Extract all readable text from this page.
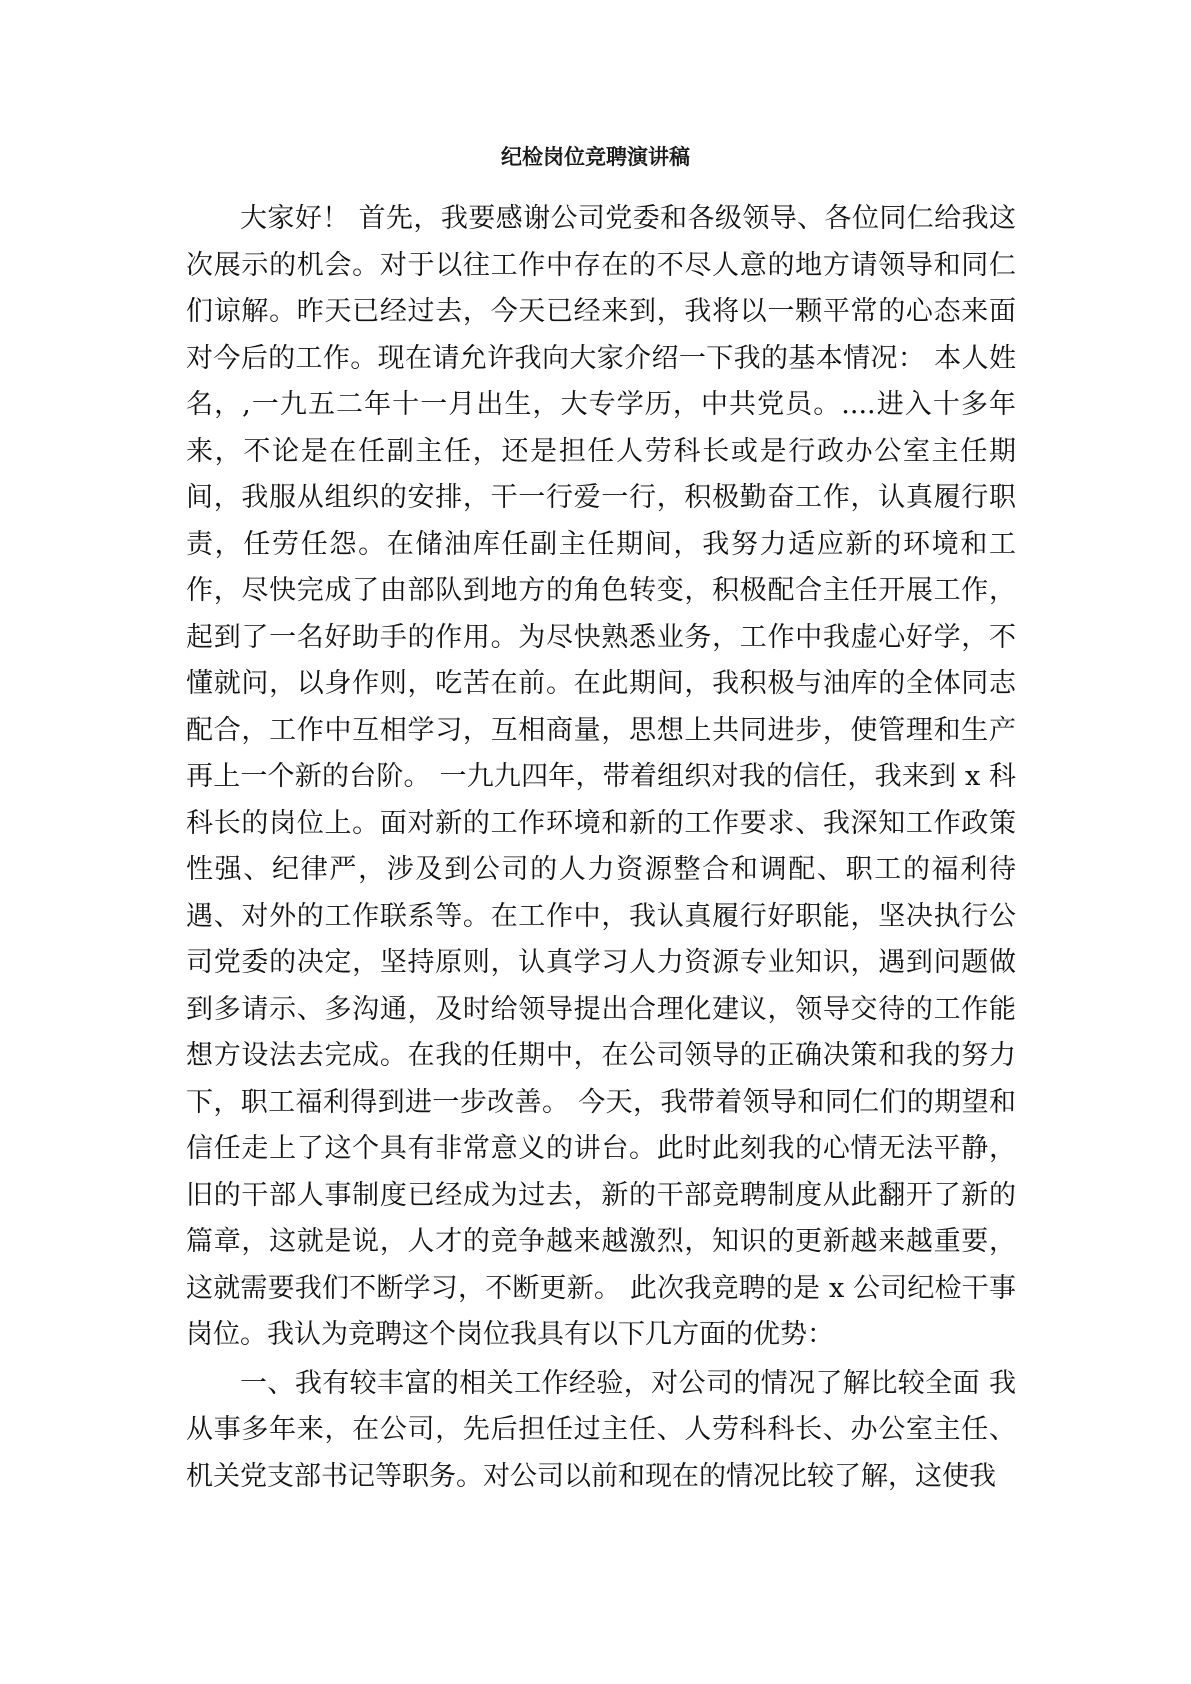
纪检岗位竞聘演讲稿

大家好！ 首先，我要感谢公司党委和各级领导、各位同仁给我这次展示的机会。对于以往工作中存在的不尽人意的地方请领导和同仁们谅解。昨天已经过去，今天已经来到，我将以一颗平常的心态来面对今后的工作。现在请允许我向大家介绍一下我的基本情况： 本人姓名，,一九五二年十一月出生，大专学历，中共党员。....进入十多年来，不论是在任副主任，还是担任人劳科长或是行政办公室主任期间，我服从组织的安排，干一行爱一行，积极勤奋工作，认真履行职责，任劳任怨。在储油库任副主任期间，我努力适应新的环境和工作，尽快完成了由部队到地方的角色转变，积极配合主任开展工作，起到了一名好助手的作用。为尽快熟悉业务，工作中我虚心好学，不懂就问，以身作则，吃苦在前。在此期间，我积极与油库的全体同志配合，工作中互相学习，互相商量，思想上共同进步，使管理和生产再上一个新的台阶。 一九九四年，带着组织对我的信任，我来到 x 科科长的岗位上。面对新的工作环境和新的工作要求、我深知工作政策性强、纪律严，涉及到公司的人力资源整合和调配、职工的福利待遇、对外的工作联系等。在工作中，我认真履行好职能，坚决执行公司党委的决定，坚持原则，认真学习人力资源专业知识，遇到问题做到多请示、多沟通，及时给领导提出合理化建议，领导交待的工作能想方设法去完成。在我的任期中，在公司领导的正确决策和我的努力下，职工福利得到进一步改善。 今天，我带着领导和同仁们的期望和信任走上了这个具有非常意义的讲台。此时此刻我的心情无法平静，旧的干部人事制度已经成为过去，新的干部竞聘制度从此翻开了新的篇章，这就是说，人才的竞争越来越激烈，知识的更新越来越重要，这就需要我们不断学习，不断更新。 此次我竞聘的是 x 公司纪检干事岗位。我认为竞聘这个岗位我具有以下几方面的优势：

一、我有较丰富的相关工作经验，对公司的情况了解比较全面 我从事多年来，在公司，先后担任过主任、人劳科科长、办公室主任、机关党支部书记等职务。对公司以前和现在的情况比较了解，这使我
